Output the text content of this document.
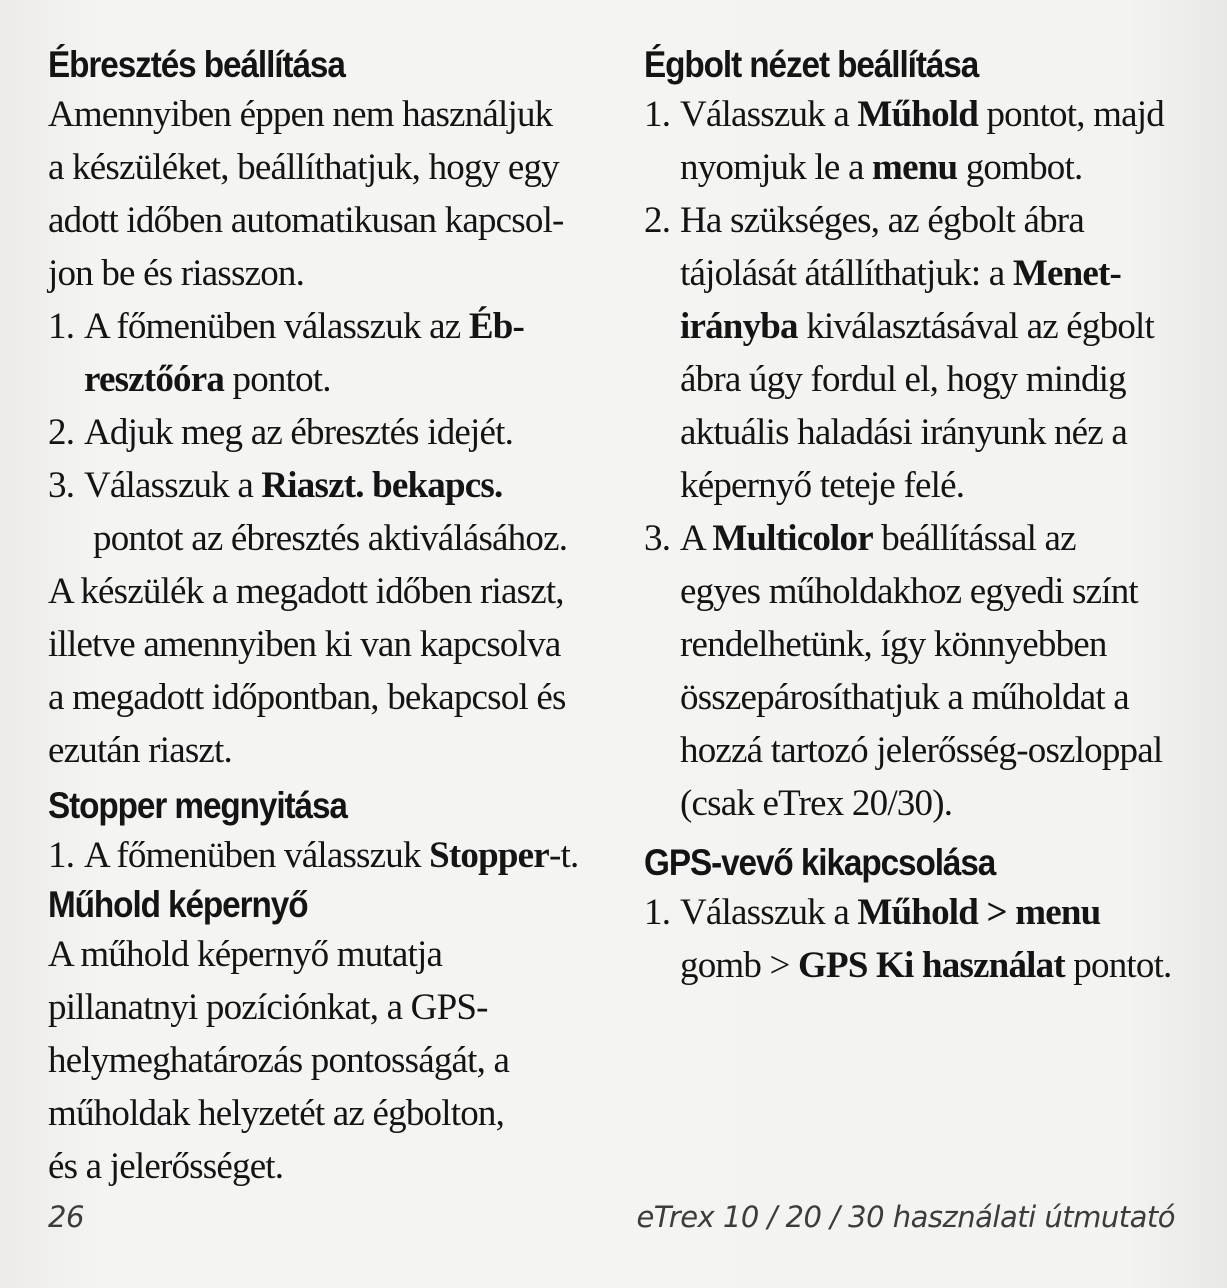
Ébresztés beállítása

Amennyiben éppen nem használjuk
a készüléket, beállíthatjuk, hogy egy
adott időben automatikusan kapcsol-
jon be és riasszon.

1. A főmenüben válasszuk az Éb-
resztőóra pontot.
2. Adjuk meg az ébresztés idejét.
3. Válasszuk a Riaszt. bekapcs.
pontot az ébresztés aktiválásához.

A készülék a megadott időben riaszt,
illetve amennyiben ki van kapcsolva
a megadott időpontban, bekapcsol és
ezután riaszt.

Stopper megnyitása
1. A főmenüben válasszuk Stopper-t.
Műhold képernyő

A műhold képernyő mutatja
pillanatnyi pozíciónkat, a GPS-
helymeghatározás pontosságát, a
műholdak helyzetét az égbolton,
és a jelerősséget.

Égbolt nézet beállítása
1. Válasszuk a Műhold pontot, majd
nyomjuk le a menu gombot.
2. Ha szükséges, az égbolt ábra
tájolását átállíthatjuk: a Menet-
irányba kiválasztásával az égbolt
ábra úgy fordul el, hogy mindig
aktuális haladási irányunk néz a
képernyő teteje felé.
3. A Multicolor beállítással az
egyes műholdakhoz egyedi színt
rendelhetünk, így könnyebben
összepárosíthatjuk a műholdat a
hozzá tartozó jelerősség-oszloppal
(csak eTrex 20/30).
GPS-vevő kikapcsolása
1. Válasszuk a Műhold > menu
gomb > GPS Ki használat pontot.
26	eTrex 10 / 20 / 30 használati útmutató
